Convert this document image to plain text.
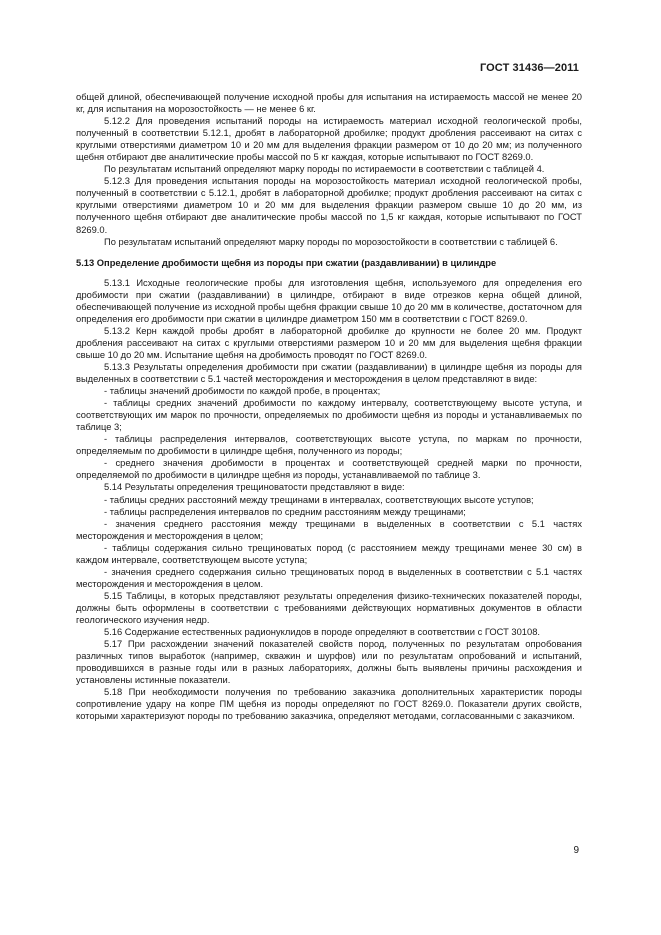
ГОСТ 31436—2011

общей длиной, обеспечивающей получение исходной пробы для испытания на истираемость массой не менее 20 кг, для испытания на морозостойкость — не менее 6 кг.

5.12.2 Для проведения испытаний породы на истираемость материал исходной геологической пробы, полученный в соответствии 5.12.1, дробят в лабораторной дробилке; продукт дробления рассеивают на ситах с круглыми отверстиями диаметром 10 и 20 мм для выделения фракции размером от 10 до 20 мм; из полученного щебня отбирают две аналитические пробы массой по 5 кг каждая, которые испытывают по ГОСТ 8269.0.

По результатам испытаний определяют марку породы по истираемости в соответствии с таблицей 4.

5.12.3 Для проведения испытания породы на морозостойкость материал исходной геологической пробы, полученный в соответствии с 5.12.1, дробят в лабораторной дробилке; продукт дробления рассеивают на ситах с круглыми отверстиями диаметром 10 и 20 мм для выделения фракции размером свыше 10 до 20 мм, из полученного щебня отбирают две аналитические пробы массой по 1,5 кг каждая, которые испытывают по ГОСТ 8269.0.

По результатам испытаний определяют марку породы по морозостойкости в соответствии с таблицей 6.

5.13 Определение дробимости щебня из породы при сжатии (раздавливании) в цилиндре

5.13.1 Исходные геологические пробы для изготовления щебня, используемого для определения его дробимости при сжатии (раздавливании) в цилиндре, отбирают в виде отрезков керна общей длиной, обеспечивающей получение из исходной пробы щебня фракции свыше 10 до 20 мм в количестве, достаточном для определения его дробимости при сжатии в цилиндре диаметром 150 мм в соответствии с ГОСТ 8269.0.

5.13.2 Керн каждой пробы дробят в лабораторной дробилке до крупности не более 20 мм. Продукт дробления рассеивают на ситах с круглыми отверстиями размером 10 и 20 мм для выделения щебня фракции свыше 10 до 20 мм. Испытание щебня на дробимость проводят по ГОСТ 8269.0.

5.13.3 Результаты определения дробимости при сжатии (раздавливании) в цилиндре щебня из породы для выделенных в соответствии с 5.1 частей месторождения и месторождения в целом представляют в виде:

- таблицы значений дробимости по каждой пробе, в процентах;

- таблицы средних значений дробимости по каждому интервалу, соответствующему высоте уступа, и соответствующих им марок по прочности, определяемых по дробимости щебня из породы и устанавливаемых по таблице 3;

- таблицы распределения интервалов, соответствующих высоте уступа, по маркам по прочности, определяемым по дробимости в цилиндре щебня, полученного из породы;

- среднего значения дробимости в процентах и соответствующей средней марки по прочности, определяемой по дробимости в цилиндре щебня из породы, устанавливаемой по таблице 3.

5.14 Результаты определения трещиноватости представляют в виде:

- таблицы средних расстояний между трещинами в интервалах, соответствующих высоте уступов;

- таблицы распределения интервалов по средним расстояниям между трещинами;

- значения среднего расстояния между трещинами в выделенных в соответствии с 5.1 частях месторождения и месторождения в целом;

- таблицы содержания сильно трещиноватых пород (с расстоянием между трещинами менее 30 см) в каждом интервале, соответствующем высоте уступа;

- значения среднего содержания сильно трещиноватых пород в выделенных в соответствии с 5.1 частях месторождения и месторождения в целом.

5.15 Таблицы, в которых представляют результаты определения физико-технических показателей породы, должны быть оформлены в соответствии с требованиями действующих нормативных документов в области геологического изучения недр.

5.16 Содержание естественных радионуклидов в породе определяют в соответствии с ГОСТ 30108.

5.17 При расхождении значений показателей свойств пород, полученных по результатам опробования различных типов выработок (например, скважин и шурфов) или по результатам опробований и испытаний, проводившихся в разные годы или в разных лабораториях, должны быть выявлены причины расхождения и установлены истинные показатели.

5.18 При необходимости получения по требованию заказчика дополнительных характеристик породы сопротивление удару на копре ПМ щебня из породы определяют по ГОСТ 8269.0. Показатели других свойств, которыми характеризуют породы по требованию заказчика, определяют методами, согласованными с заказчиком.

9
